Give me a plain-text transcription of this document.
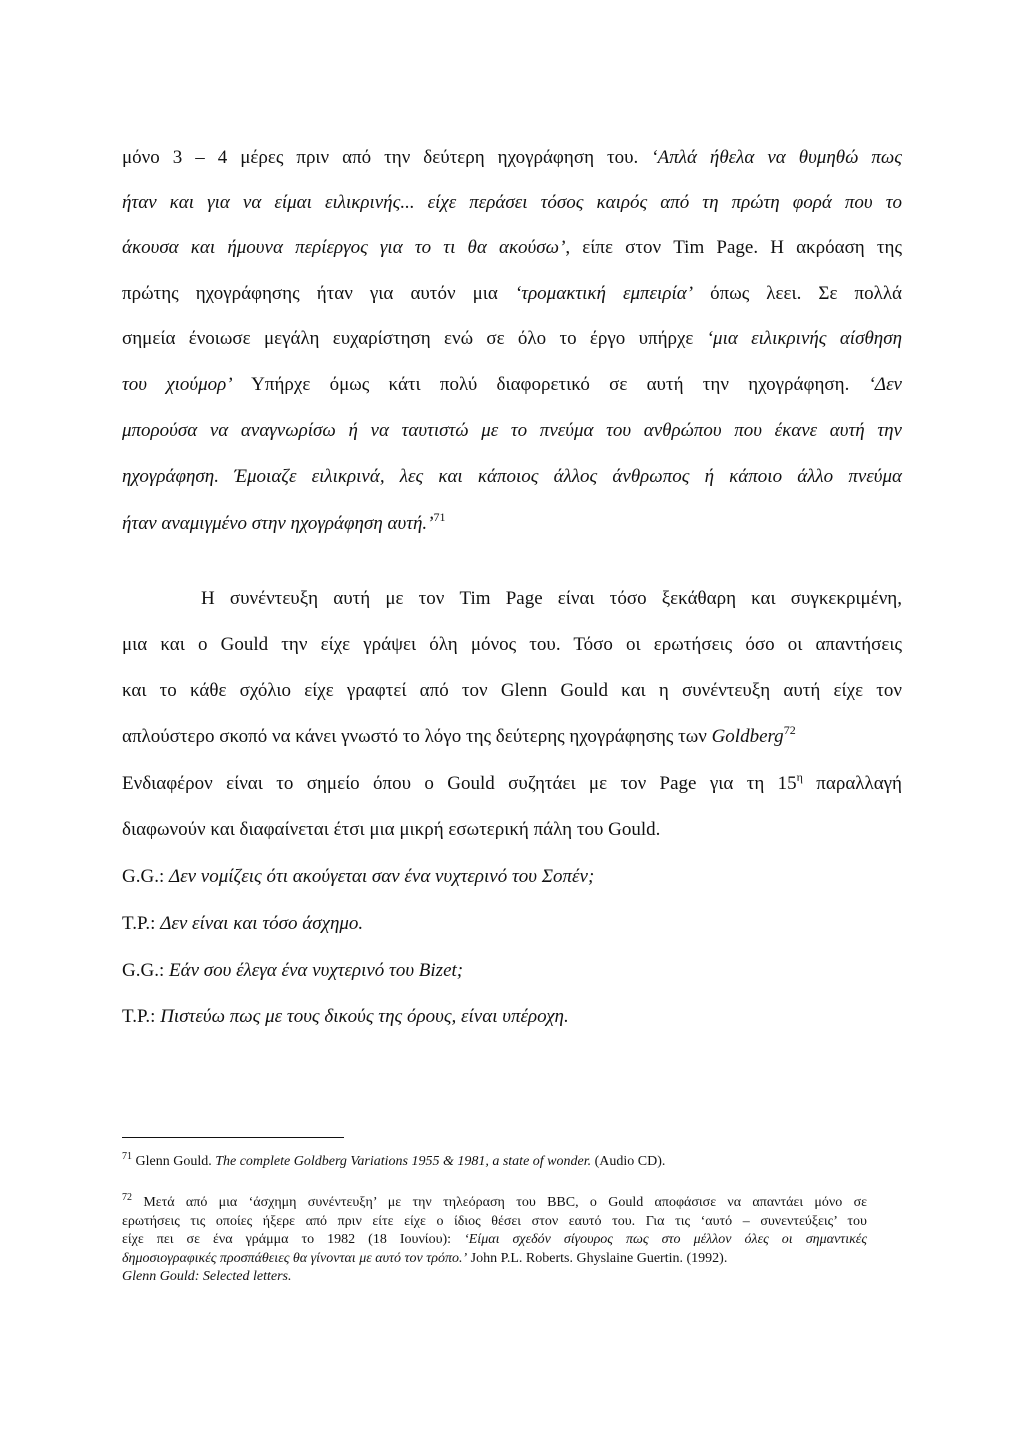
μόνο 3 – 4 μέρες πριν από την δεύτερη ηχογράφηση του. ‘Απλά ήθελα να θυμηθώ πως
ήταν και για να είμαι ειλικρινής... είχε περάσει τόσος καιρός από τη πρώτη φορά που το
άκουσα και ήμουνα περίεργος για το τι θα ακούσω’, είπε στον Tim Page. Η ακρόαση της
πρώτης ηχογράφησης ήταν για αυτόν μια ‘τρομακτική εμπειρία’ όπως λεει. Σε πολλά
σημεία ένοιωσε μεγάλη ευχαρίστηση ενώ σε όλο το έργο υπήρχε ‘μια ειλικρινής αίσθηση
του χιούμορ’ Υπήρχε όμως κάτι πολύ διαφορετικό σε αυτή την ηχογράφηση. ‘Δεν
μπορούσα να αναγνωρίσω ή να ταυτιστώ με το πνεύμα του ανθρώπου που έκανε αυτή την
ηχογράφηση. Έμοιαζε ειλικρινά, λες και κάποιος άλλος άνθρωπος ή κάποιο άλλο πνεύμα
ήταν αναμιγμένο στην ηχογράφηση αυτή.’$^{71}$
Η συνέντευξη αυτή με τον Tim Page είναι τόσο ξεκάθαρη και συγκεκριμένη,
μια και ο Gould την είχε γράψει όλη μόνος του. Τόσο οι ερωτήσεις όσο οι απαντήσεις
και το κάθε σχόλιο είχε γραφτεί από τον Glenn Gould και η συνέντευξη αυτή είχε τον
απλούστερο σκοπό να κάνει γνωστό το λόγο της δεύτερης ηχογράφησης των Goldberg$^{72}$
Ενδιαφέρον είναι το σημείο όπου ο Gould συζητάει με τον Page για τη $15^\eta$ παραλλαγή
διαφωνούν και διαφαίνεται έτσι μια μικρή εσωτερική πάλη του Gould.
G.G.: Δεν νομίζεις ότι ακούγεται σαν ένα νυχτερινό του Σοπέν;
T.P.: Δεν είναι και τόσο άσχημο.
G.G.: Εάν σου έλεγα ένα νυχτερινό του Bizet;
T.P.: Πιστεύω πως με τους δικούς της όρους, είναι υπέροχη.
$^{71}$ Glenn Gould. The complete Goldberg Variations 1955 & 1981, a state of wonder. (Audio CD).
$^{72}$ Μετά από μια ‘άσχημη συνέντευξη’ με την τηλεόραση του BBC, ο Gould αποφάσισε να απαντάει μόνο σε
ερωτήσεις τις οποίες ήξερε από πριν είτε είχε ο ίδιος θέσει στον εαυτό του. Για τις ‘αυτό – συνεντεύξεις’ του
είχε πει σε ένα γράμμα το 1982 (18 Ιουνίου): ‘Είμαι σχεδόν σίγουρος πως στο μέλλον όλες οι σημαντικές
δημοσιογραφικές προσπάθειες θα γίνονται με αυτό τον τρόπο.’ John P.L. Roberts. Ghyslaine Guertin. (1992).
Glenn Gould: Selected letters.
